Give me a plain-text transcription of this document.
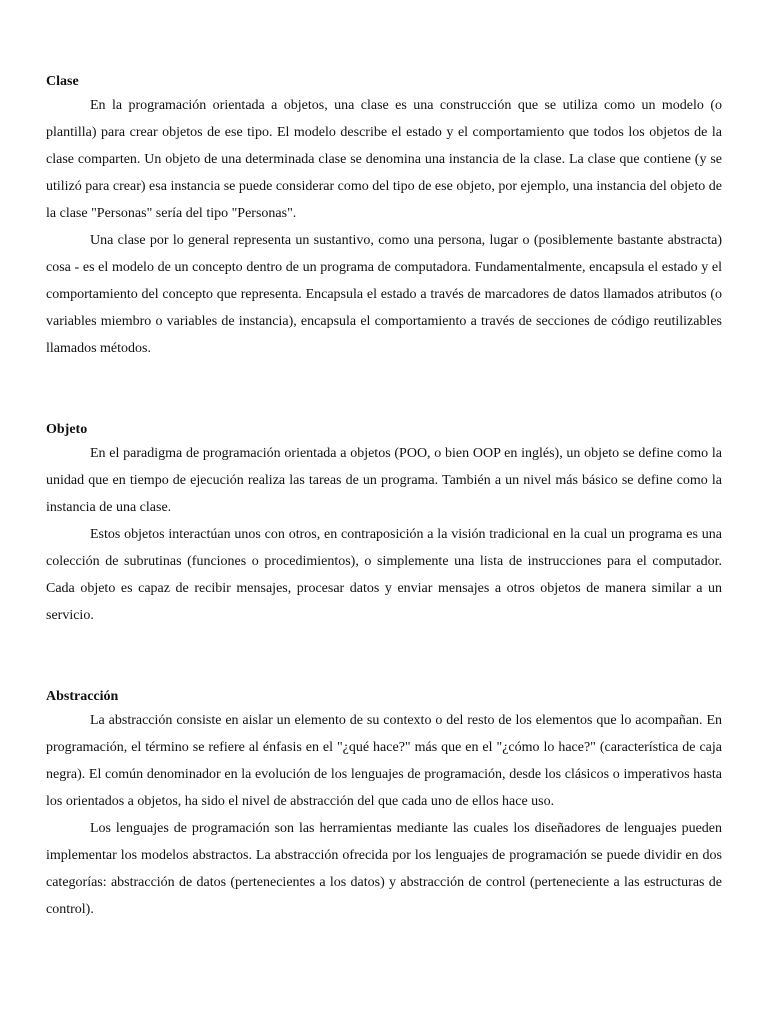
Clase

En la programación orientada a objetos, una clase es una construcción que se utiliza como un modelo (o plantilla) para crear objetos de ese tipo. El modelo describe el estado y el comportamiento que todos los objetos de la clase comparten. Un objeto de una determinada clase se denomina una instancia de la clase. La clase que contiene (y se utilizó para crear) esa instancia se puede considerar como del tipo de ese objeto, por ejemplo, una instancia del objeto de la clase "Personas" sería del tipo "Personas".

Una clase por lo general representa un sustantivo, como una persona, lugar o (posiblemente bastante abstracta) cosa - es el modelo de un concepto dentro de un programa de computadora. Fundamentalmente, encapsula el estado y el comportamiento del concepto que representa. Encapsula el estado a través de marcadores de datos llamados atributos (o variables miembro o variables de instancia), encapsula el comportamiento a través de secciones de código reutilizables llamados métodos.

Objeto

En el paradigma de programación orientada a objetos (POO, o bien OOP en inglés), un objeto se define como la unidad que en tiempo de ejecución realiza las tareas de un programa. También a un nivel más básico se define como la instancia de una clase.

Estos objetos interactúan unos con otros, en contraposición a la visión tradicional en la cual un programa es una colección de subrutinas (funciones o procedimientos), o simplemente una lista de instrucciones para el computador. Cada objeto es capaz de recibir mensajes, procesar datos y enviar mensajes a otros objetos de manera similar a un servicio.

Abstracción

La abstracción consiste en aislar un elemento de su contexto o del resto de los elementos que lo acompañan. En programación, el término se refiere al énfasis en el "¿qué hace?" más que en el "¿cómo lo hace?" (característica de caja negra). El común denominador en la evolución de los lenguajes de programación, desde los clásicos o imperativos hasta los orientados a objetos, ha sido el nivel de abstracción del que cada uno de ellos hace uso.

Los lenguajes de programación son las herramientas mediante las cuales los diseñadores de lenguajes pueden implementar los modelos abstractos. La abstracción ofrecida por los lenguajes de programación se puede dividir en dos categorías: abstracción de datos (pertenecientes a los datos) y abstracción de control (perteneciente a las estructuras de control).
